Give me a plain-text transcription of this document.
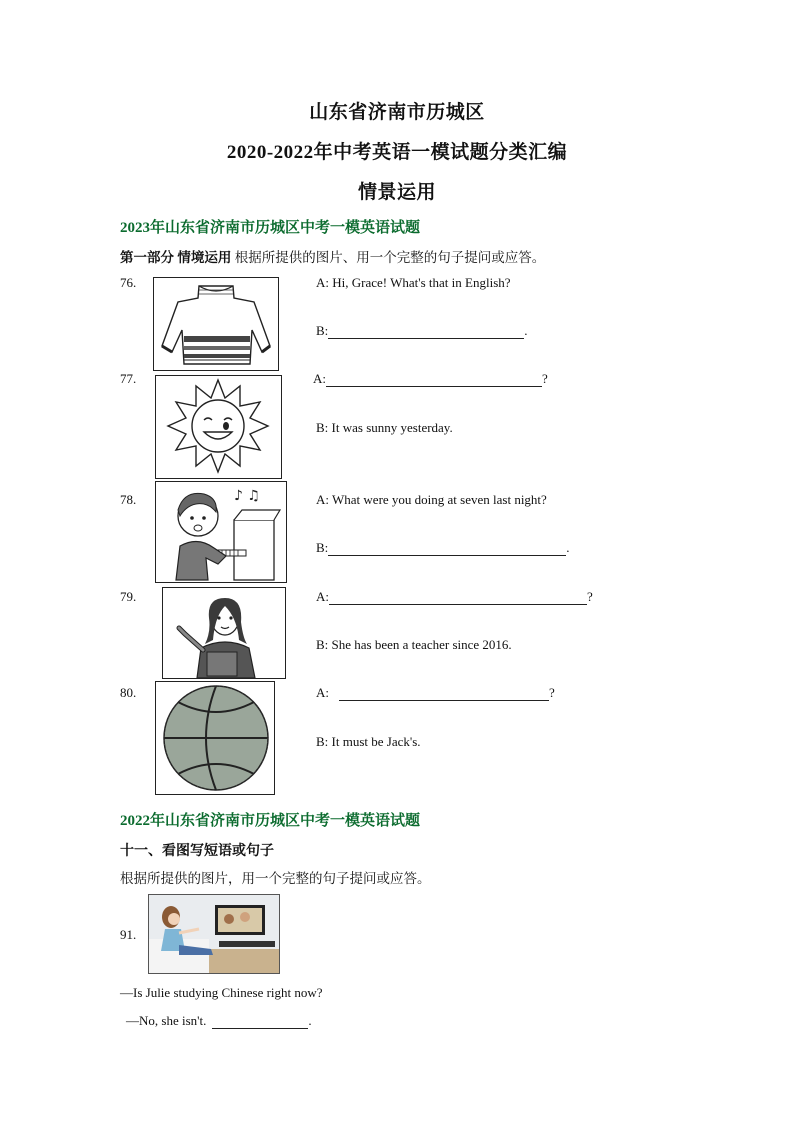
山东省济南市历城区
2020-2022年中考英语一模试题分类汇编
情景运用
2023年山东省济南市历城区中考一模英语试题
第一部分 情境运用 根据所提供的图片、用一个完整的句子提问或应答。
76.	A: Hi, Grace! What's that in English?
B:	.
77.	A:	?
B: It was sunny yesterday.
78.	♪ ♫	A: What were you doing at seven last night?
B:	.
79.	A:	?
B: She has been a teacher since 2016.
80.	A:	?
B: It must be Jack's.
2022年山东省济南市历城区中考一模英语试题
十一、看图写短语或句子
根据所提供的图片，用一个完整的句子提问或应答。
91.
—Is Julie studying Chinese right now?
—No, she isn't.	.
